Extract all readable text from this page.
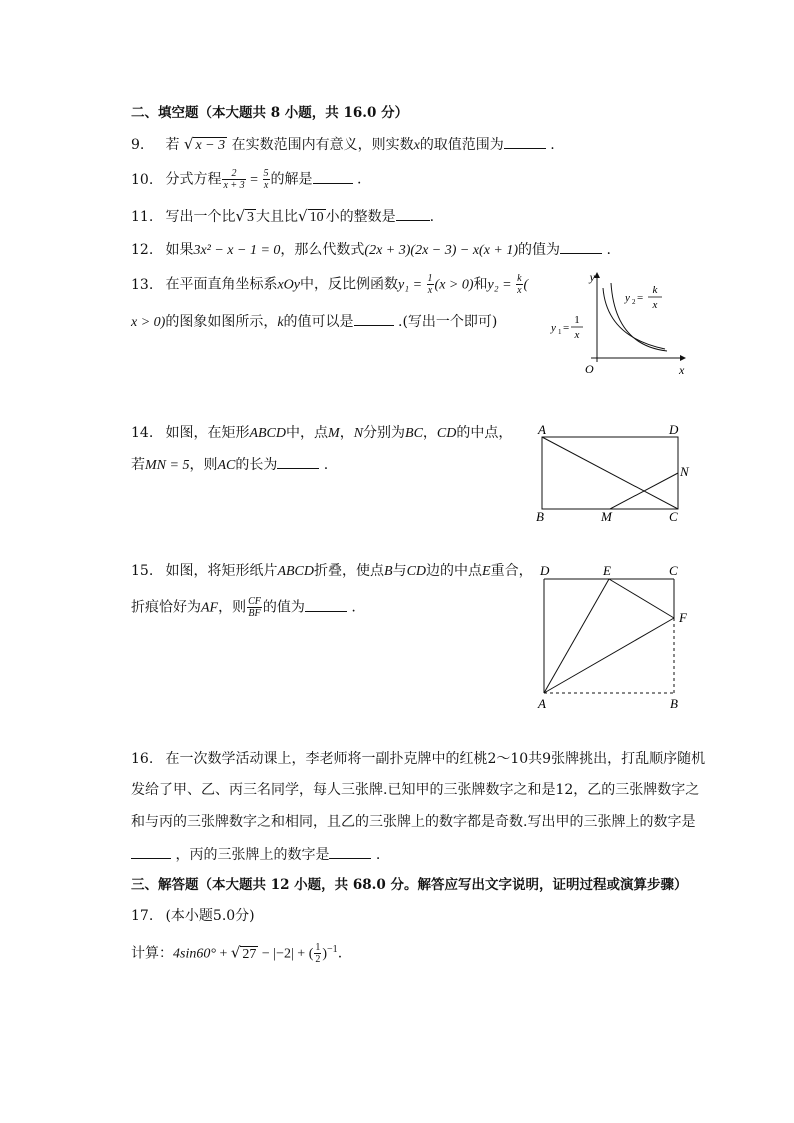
二、填空题（本大题共 8 小题，共 16.0 分）
9. 若 √ x − 3 在实数范围内有意义，则实数x的取值范围为	.
10. 分式方程 $\frac{2}{x + 3} = \frac{5}{x}$ 的解是	.
11. 写出一个比√ 3 大且比√ 10 小的整数是 .
12. 如果3x² − x − 1 = 0，那么代数式(2x + 3)(2x − 3) − x(x + 1)的值为	.
13. 在平面直角坐标系xOy中，反比例函数$y_1 = \frac{1}{x} (x > 0)$和$y_2 = \frac{k}{x}$ (
x > 0)的图象如图所示，k的值可以是	.(写出一个即可)
y
x
O
y 1 =
1
x
y 2 =
k
x
14. 如图，在矩形ABCD中，点M，N分别为BC，CD的中点，
若MN = 5，则AC的长为	.
A	D
B	C
M
N
15. 如图，将矩形纸片ABCD折叠，使点B与CD边的中点E重合，
折痕恰好为AF，则 $\frac{CF}{BF}$ 的值为	.
D	E	C
F
A	B
16. 在一次数学活动课上，李老师将一副扑克牌中的红桃2～10共9张牌挑出，打乱顺序随机
发给了甲、乙、丙三名同学，每人三张牌.已知甲的三张牌数字之和是12，乙的三张牌数字之
和与丙的三张牌数字之和相同，且乙的三张牌上的数字都是奇数.写出甲的三张牌上的数字是
，丙的三张牌上的数字是	.
三、解答题（本大题共 12 小题，共 68.0 分。解答应写出文字说明，证明过程或演算步骤）
17. (本小题5.0分)
计算：4sin60° + √ 27 − |−2| + ( $\frac{1}{2} )^{-1}$.
